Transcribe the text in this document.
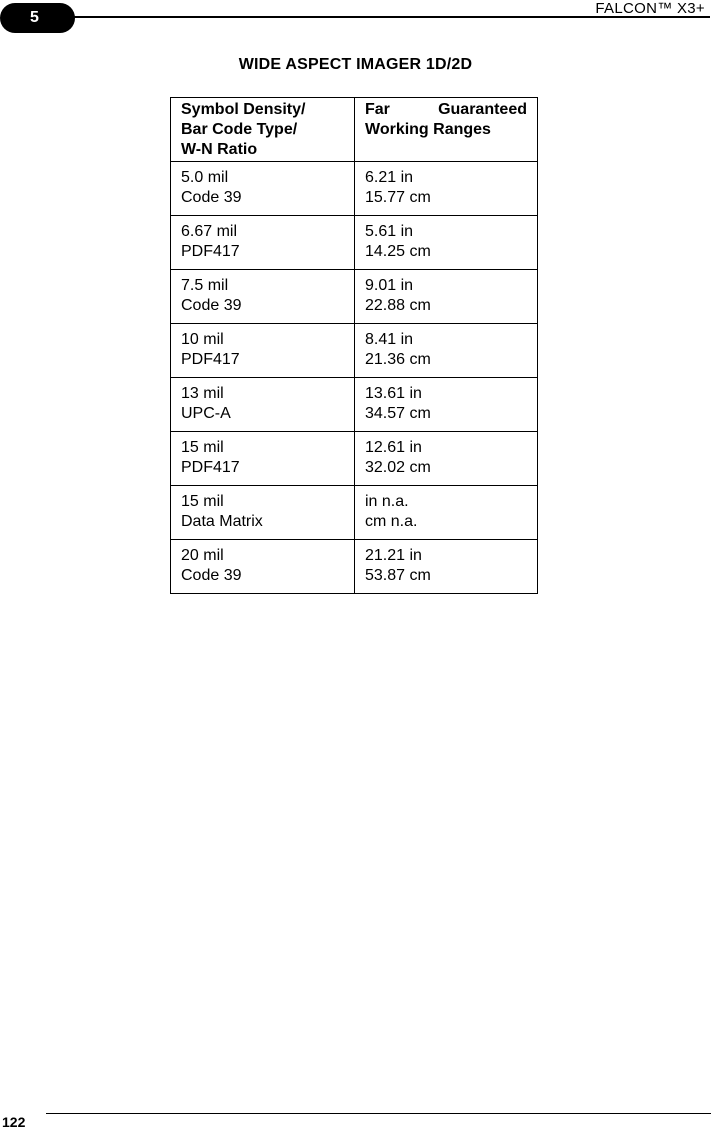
5
FALCON™ X3+
WIDE ASPECT IMAGER 1D/2D
Symbol Density/
Bar Code Type/
W-N Ratio	Far Guaranteed
Working Ranges

5.0 mil
Code 39	6.21 in
15.77 cm

6.67 mil
PDF417	5.61 in
14.25 cm

7.5 mil
Code 39	9.01 in
22.88 cm

10 mil
PDF417	8.41 in
21.36 cm

13 mil
UPC-A	13.61 in
34.57 cm

15 mil
PDF417	12.61 in
32.02 cm

15 mil
Data Matrix	in n.a.
cm n.a.

20 mil
Code 39	21.21 in
53.87 cm
122
